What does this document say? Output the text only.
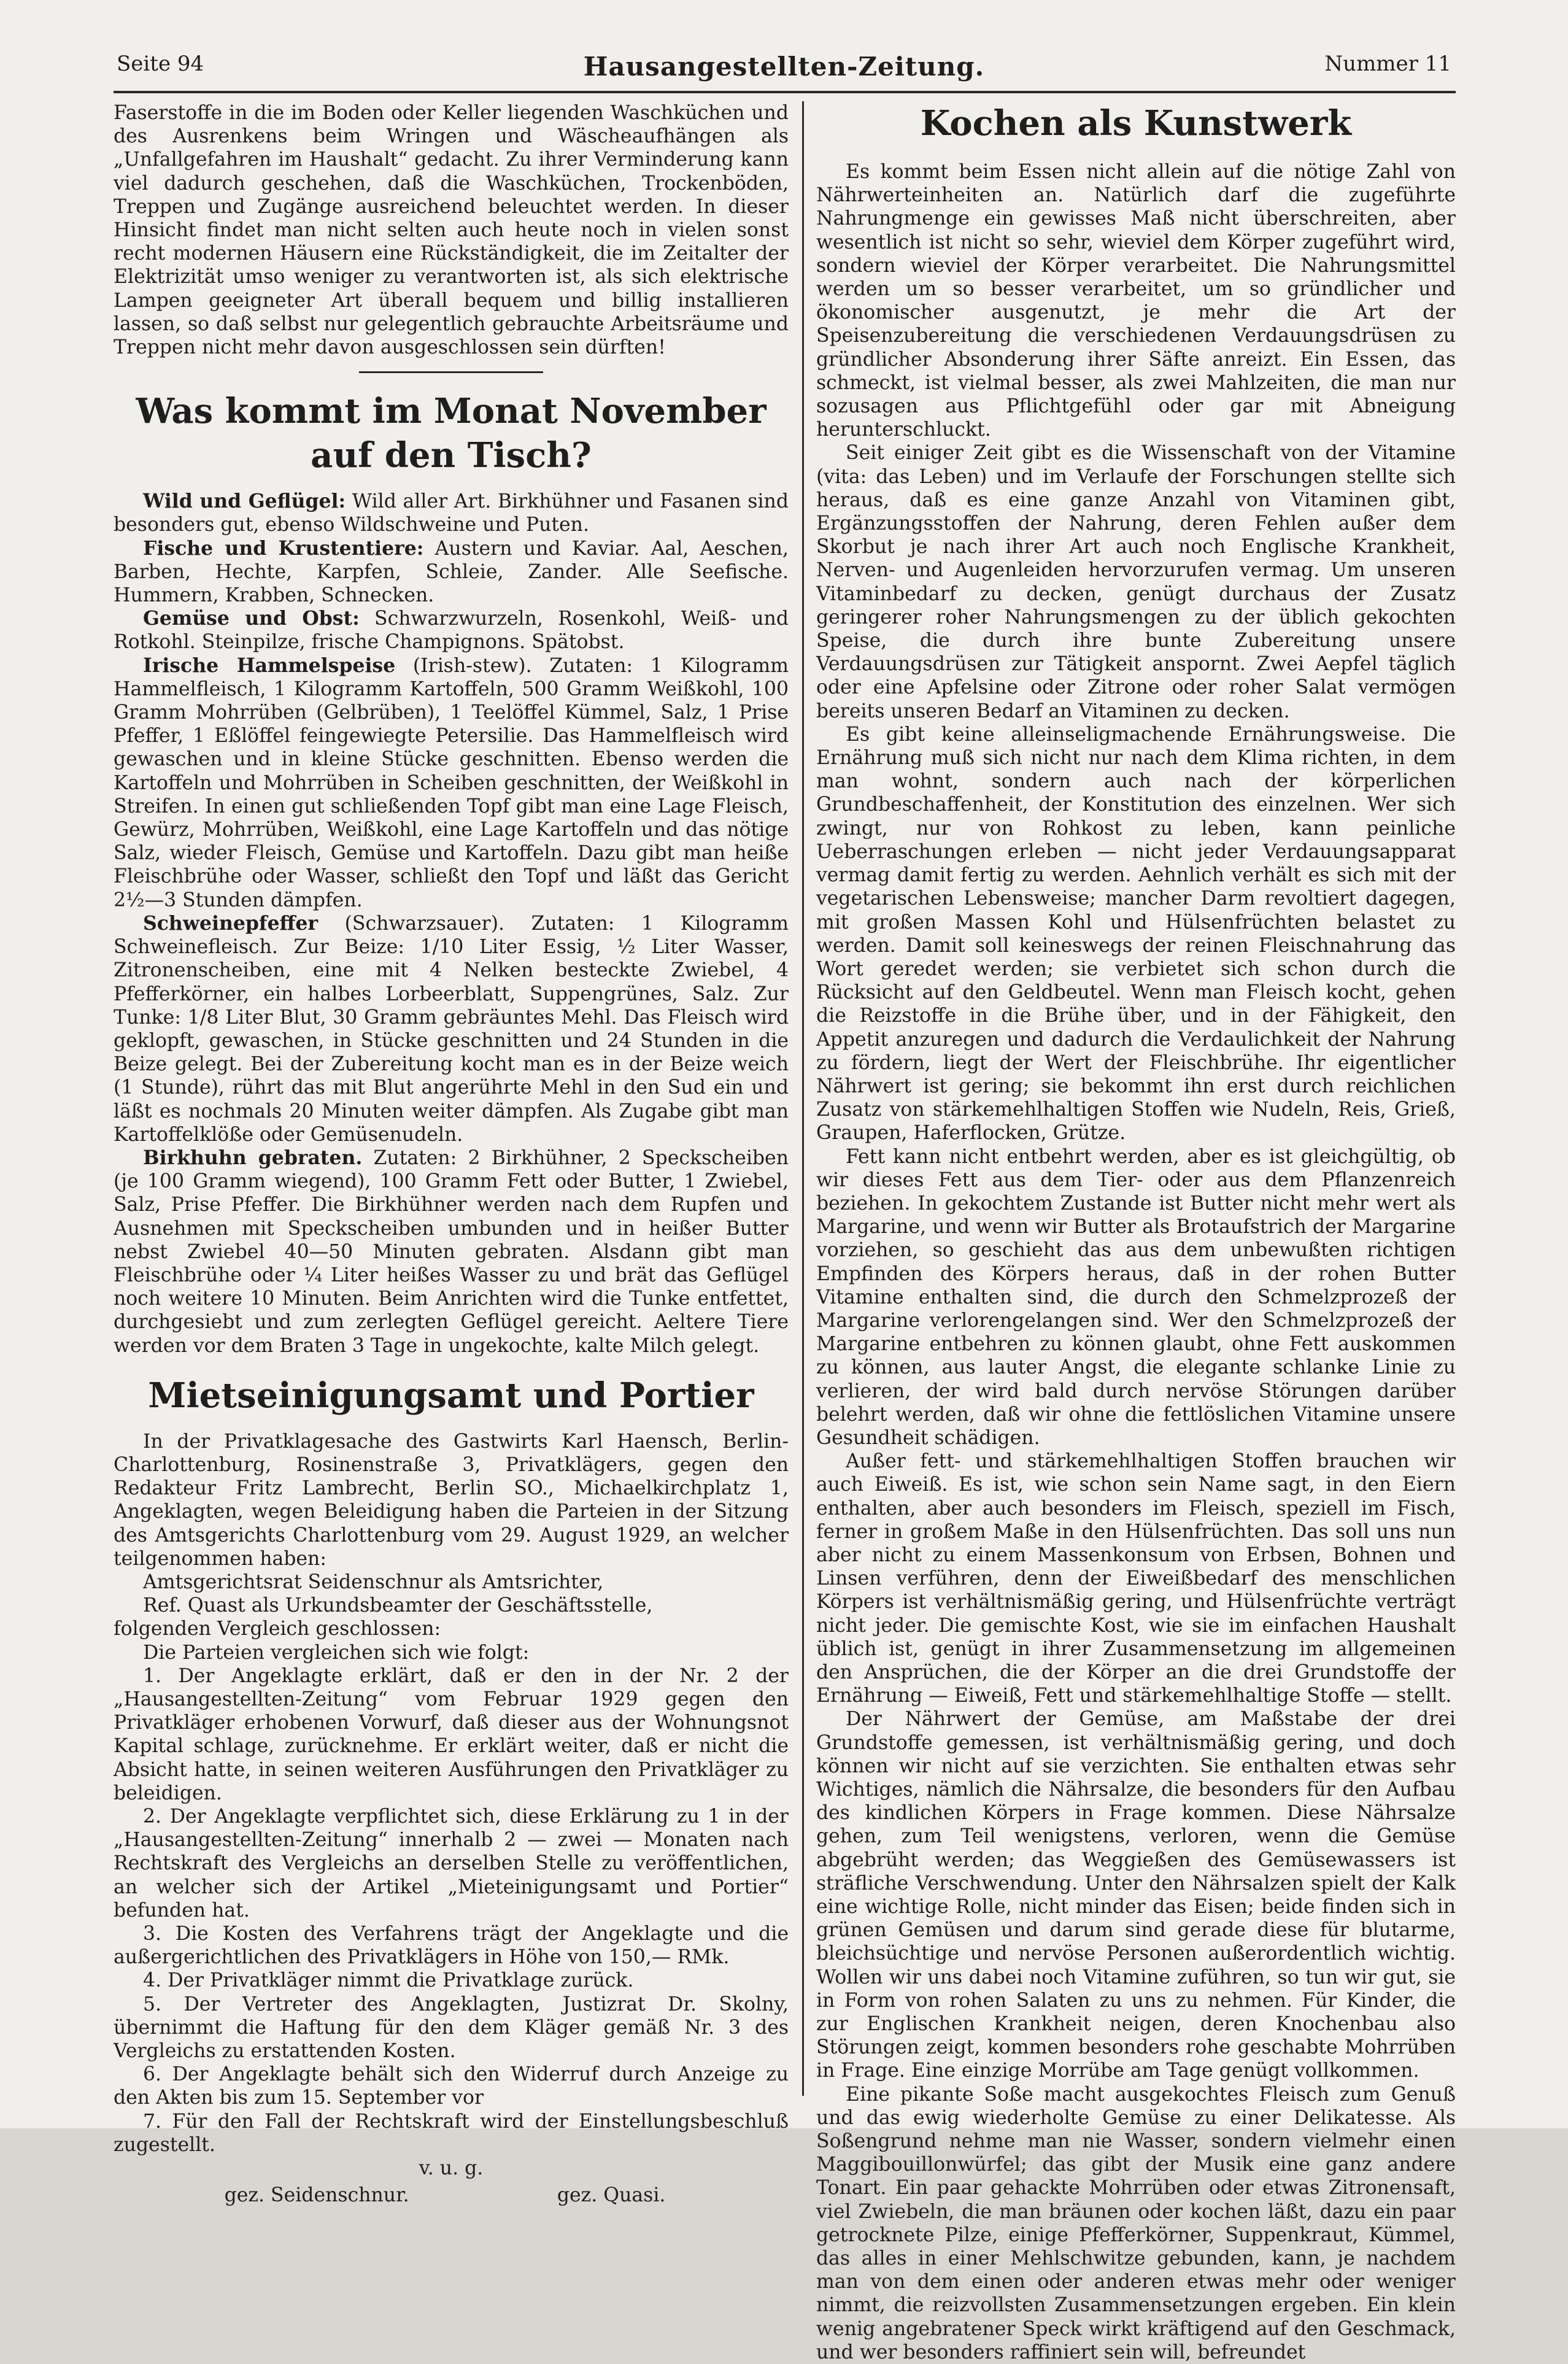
Seite 94	Hausangestellten-Zeitung.	Nummer 11

Faserstoffe in die im Boden oder Keller liegenden Waschküchen und des Ausrenkens beim Wringen und Wäscheaufhängen als „Unfallgefahren im Haushalt“ gedacht. Zu ihrer Verminderung kann viel dadurch geschehen, daß die Waschküchen, Trockenböden, Treppen und Zugänge ausreichend beleuchtet werden. In dieser Hinsicht findet man nicht selten auch heute noch in vielen sonst recht modernen Häusern eine Rückständigkeit, die im Zeitalter der Elektrizität umso weniger zu verantworten ist, als sich elektrische Lampen geeigneter Art überall bequem und billig installieren lassen, so daß selbst nur gelegentlich gebrauchte Arbeitsräume und Treppen nicht mehr davon ausgeschlossen sein dürften!

Was kommt im Monat November auf den Tisch?

Wild und Geflügel: Wild aller Art. Birkhühner und Fasanen sind besonders gut, ebenso Wildschweine und Puten.

Fische und Krustentiere: Austern und Kaviar. Aal, Aeschen, Barben, Hechte, Karpfen, Schleie, Zander. Alle Seefische. Hummern, Krabben, Schnecken.

Gemüse und Obst: Schwarzwurzeln, Rosenkohl, Weiß- und Rotkohl. Steinpilze, frische Champignons. Spätobst.

Irische Hammelspeise (Irish-stew). Zutaten: 1 Kilogramm Hammelfleisch, 1 Kilogramm Kartoffeln, 500 Gramm Weißkohl, 100 Gramm Mohrrüben (Gelbrüben), 1 Teelöffel Kümmel, Salz, 1 Prise Pfeffer, 1 Eßlöffel feingewiegte Petersilie. Das Hammelfleisch wird gewaschen und in kleine Stücke geschnitten. Ebenso werden die Kartoffeln und Mohrrüben in Scheiben geschnitten, der Weißkohl in Streifen. In einen gut schließenden Topf gibt man eine Lage Fleisch, Gewürz, Mohrrüben, Weißkohl, eine Lage Kartoffeln und das nötige Salz, wieder Fleisch, Gemüse und Kartoffeln. Dazu gibt man heiße Fleischbrühe oder Wasser, schließt den Topf und läßt das Gericht 2½—3 Stunden dämpfen.

Schweinepfeffer (Schwarzsauer). Zutaten: 1 Kilogramm Schweinefleisch. Zur Beize: 1/10 Liter Essig, ½ Liter Wasser, Zitronenscheiben, eine mit 4 Nelken besteckte Zwiebel, 4 Pfefferkörner, ein halbes Lorbeerblatt, Suppengrünes, Salz. Zur Tunke: 1/8 Liter Blut, 30 Gramm gebräuntes Mehl. Das Fleisch wird geklopft, gewaschen, in Stücke geschnitten und 24 Stunden in die Beize gelegt. Bei der Zubereitung kocht man es in der Beize weich (1 Stunde), rührt das mit Blut angerührte Mehl in den Sud ein und läßt es nochmals 20 Minuten weiter dämpfen. Als Zugabe gibt man Kartoffelklöße oder Gemüsenudeln.

Birkhuhn gebraten. Zutaten: 2 Birkhühner, 2 Speckscheiben (je 100 Gramm wiegend), 100 Gramm Fett oder Butter, 1 Zwiebel, Salz, Prise Pfeffer. Die Birkhühner werden nach dem Rupfen und Ausnehmen mit Speckscheiben umbunden und in heißer Butter nebst Zwiebel 40—50 Minuten gebraten. Alsdann gibt man Fleischbrühe oder ¼ Liter heißes Wasser zu und brät das Geflügel noch weitere 10 Minuten. Beim Anrichten wird die Tunke entfettet, durchgesiebt und zum zerlegten Geflügel gereicht. Aeltere Tiere werden vor dem Braten 3 Tage in ungekochte, kalte Milch gelegt.

Mietseinigungsamt und Portier

In der Privatklagesache des Gastwirts Karl Haensch, Berlin-Charlottenburg, Rosinenstraße 3, Privatklägers, gegen den Redakteur Fritz Lambrecht, Berlin SO., Michaelkirchplatz 1, Angeklagten, wegen Beleidigung haben die Parteien in der Sitzung des Amtsgerichts Charlottenburg vom 29. August 1929, an welcher teilgenommen haben:

Amtsgerichtsrat Seidenschnur als Amtsrichter,

Ref. Quast als Urkundsbeamter der Geschäftsstelle,

folgenden Vergleich geschlossen:

Die Parteien vergleichen sich wie folgt:

1. Der Angeklagte erklärt, daß er den in der Nr. 2 der „Hausangestellten-Zeitung“ vom Februar 1929 gegen den Privatkläger erhobenen Vorwurf, daß dieser aus der Wohnungsnot Kapital schlage, zurücknehme. Er erklärt weiter, daß er nicht die Absicht hatte, in seinen weiteren Ausführungen den Privatkläger zu beleidigen.

2. Der Angeklagte verpflichtet sich, diese Erklärung zu 1 in der „Hausangestellten-Zeitung“ innerhalb 2 — zwei — Monaten nach Rechtskraft des Vergleichs an derselben Stelle zu veröffentlichen, an welcher sich der Artikel „Mieteinigungsamt und Portier“ befunden hat.

3. Die Kosten des Verfahrens trägt der Angeklagte und die außergerichtlichen des Privatklägers in Höhe von 150,— RMk.

4. Der Privatkläger nimmt die Privatklage zurück.

5. Der Vertreter des Angeklagten, Justizrat Dr. Skolny, übernimmt die Haftung für den dem Kläger gemäß Nr. 3 des Vergleichs zu erstattenden Kosten.

6. Der Angeklagte behält sich den Widerruf durch Anzeige zu den Akten bis zum 15. September vor

7. Für den Fall der Rechtskraft wird der Einstellungsbeschluß zugestellt.

v. u. g.

gez. Seidenschnur.	gez. Quasi.
Kochen als Kunstwerk

Es kommt beim Essen nicht allein auf die nötige Zahl von Nährwerteinheiten an. Natürlich darf die zugeführte Nahrungmenge ein gewisses Maß nicht überschreiten, aber wesentlich ist nicht so sehr, wieviel dem Körper zugeführt wird, sondern wieviel der Körper verarbeitet. Die Nahrungsmittel werden um so besser verarbeitet, um so gründlicher und ökonomischer ausgenutzt, je mehr die Art der Speisenzubereitung die verschiedenen Verdauungsdrüsen zu gründlicher Absonderung ihrer Säfte anreizt. Ein Essen, das schmeckt, ist vielmal besser, als zwei Mahlzeiten, die man nur sozusagen aus Pflichtgefühl oder gar mit Abneigung herunterschluckt.

Seit einiger Zeit gibt es die Wissenschaft von der Vitamine (vita: das Leben) und im Verlaufe der Forschungen stellte sich heraus, daß es eine ganze Anzahl von Vitaminen gibt, Ergänzungsstoffen der Nahrung, deren Fehlen außer dem Skorbut je nach ihrer Art auch noch Englische Krankheit, Nerven- und Augenleiden hervorzurufen vermag. Um unseren Vitaminbedarf zu decken, genügt durchaus der Zusatz geringerer roher Nahrungsmengen zu der üblich gekochten Speise, die durch ihre bunte Zubereitung unsere Verdauungsdrüsen zur Tätigkeit anspornt. Zwei Aepfel täglich oder eine Apfelsine oder Zitrone oder roher Salat vermögen bereits unseren Bedarf an Vitaminen zu decken.

Es gibt keine alleinseligmachende Ernährungsweise. Die Ernährung muß sich nicht nur nach dem Klima richten, in dem man wohnt, sondern auch nach der körperlichen Grundbeschaffenheit, der Konstitution des einzelnen. Wer sich zwingt, nur von Rohkost zu leben, kann peinliche Ueberraschungen erleben — nicht jeder Verdauungsapparat vermag damit fertig zu werden. Aehnlich verhält es sich mit der vegetarischen Lebensweise; mancher Darm revoltiert dagegen, mit großen Massen Kohl und Hülsenfrüchten belastet zu werden. Damit soll keineswegs der reinen Fleischnahrung das Wort geredet werden; sie verbietet sich schon durch die Rücksicht auf den Geldbeutel. Wenn man Fleisch kocht, gehen die Reizstoffe in die Brühe über, und in der Fähigkeit, den Appetit anzuregen und dadurch die Verdaulichkeit der Nahrung zu fördern, liegt der Wert der Fleischbrühe. Ihr eigentlicher Nährwert ist gering; sie bekommt ihn erst durch reichlichen Zusatz von stärkemehlhaltigen Stoffen wie Nudeln, Reis, Grieß, Graupen, Haferflocken, Grütze.

Fett kann nicht entbehrt werden, aber es ist gleichgültig, ob wir dieses Fett aus dem Tier- oder aus dem Pflanzenreich beziehen. In gekochtem Zustande ist Butter nicht mehr wert als Margarine, und wenn wir Butter als Brotaufstrich der Margarine vorziehen, so geschieht das aus dem unbewußten richtigen Empfinden des Körpers heraus, daß in der rohen Butter Vitamine enthalten sind, die durch den Schmelzprozeß der Margarine verlorengelangen sind. Wer den Schmelzprozeß der Margarine entbehren zu können glaubt, ohne Fett auskommen zu können, aus lauter Angst, die elegante schlanke Linie zu verlieren, der wird bald durch nervöse Störungen darüber belehrt werden, daß wir ohne die fettlöslichen Vitamine unsere Gesundheit schädigen.

Außer fett- und stärkemehlhaltigen Stoffen brauchen wir auch Eiweiß. Es ist, wie schon sein Name sagt, in den Eiern enthalten, aber auch besonders im Fleisch, speziell im Fisch, ferner in großem Maße in den Hülsenfrüchten. Das soll uns nun aber nicht zu einem Massenkonsum von Erbsen, Bohnen und Linsen verführen, denn der Eiweißbedarf des menschlichen Körpers ist verhältnismäßig gering, und Hülsenfrüchte verträgt nicht jeder. Die gemischte Kost, wie sie im einfachen Haushalt üblich ist, genügt in ihrer Zusammensetzung im allgemeinen den Ansprüchen, die der Körper an die drei Grundstoffe der Ernährung — Eiweiß, Fett und stärkemehlhaltige Stoffe — stellt.

Der Nährwert der Gemüse, am Maßstabe der drei Grundstoffe gemessen, ist verhältnismäßig gering, und doch können wir nicht auf sie verzichten. Sie enthalten etwas sehr Wichtiges, nämlich die Nährsalze, die besonders für den Aufbau des kindlichen Körpers in Frage kommen. Diese Nährsalze gehen, zum Teil wenigstens, verloren, wenn die Gemüse abgebrüht werden; das Weggießen des Gemüsewassers ist sträfliche Verschwendung. Unter den Nährsalzen spielt der Kalk eine wichtige Rolle, nicht minder das Eisen; beide finden sich in grünen Gemüsen und darum sind gerade diese für blutarme, bleichsüchtige und nervöse Personen außerordentlich wichtig. Wollen wir uns dabei noch Vitamine zuführen, so tun wir gut, sie in Form von rohen Salaten zu uns zu nehmen. Für Kinder, die zur Englischen Krankheit neigen, deren Knochenbau also Störungen zeigt, kommen besonders rohe geschabte Mohrrüben in Frage. Eine einzige Morrübe am Tage genügt vollkommen.

Eine pikante Soße macht ausgekochtes Fleisch zum Genuß und das ewig wiederholte Gemüse zu einer Delikatesse. Als Soßengrund nehme man nie Wasser, sondern vielmehr einen Maggibouillonwürfel; das gibt der Musik eine ganz andere Tonart. Ein paar gehackte Mohrrüben oder etwas Zitronensaft, viel Zwiebeln, die man bräunen oder kochen läßt, dazu ein paar getrocknete Pilze, einige Pfefferkörner, Suppenkraut, Kümmel, das alles in einer Mehlschwitze gebunden, kann, je nachdem man von dem einen oder anderen etwas mehr oder weniger nimmt, die reizvollsten Zusammensetzungen ergeben. Ein klein wenig angebratener Speck wirkt kräftigend auf den Geschmack, und wer besonders raffiniert sein will, befreundet
